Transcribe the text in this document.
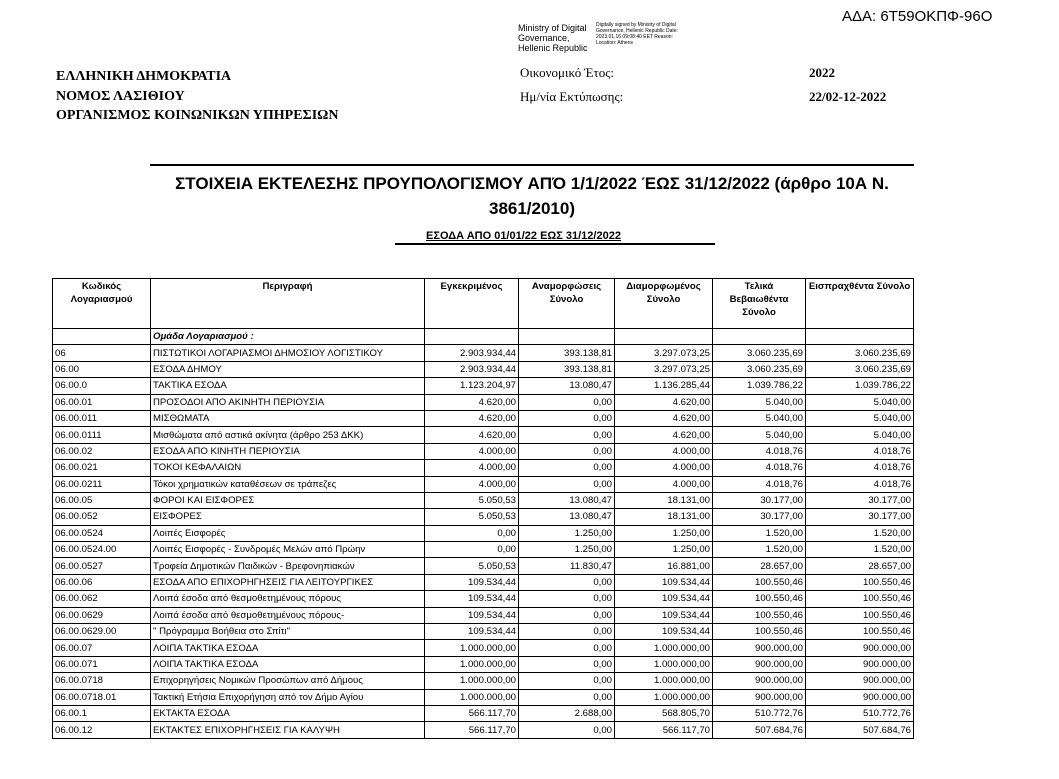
ΑΔΑ: 6Τ59ΟΚΠΦ-96Ο
Ministry of Digital Governance, Hellenic Republic
Digitally signed by Ministry of Digital Governance, Hellenic Republic Date: 2023.01.16 09:08:40 EET Reason: Location: Athens
ΕΛΛΗΝΙΚΗ ΔΗΜΟΚΡΑΤΙΑ
ΝΟΜΟΣ ΛΑΣΙΘΙΟΥ
ΟΡΓΑΝΙΣΜΟΣ ΚΟΙΝΩΝΙΚΩΝ ΥΠΗΡΕΣΙΩΝ
Οικονομικό Έτος:	2022
Ημ/νία Εκτύπωσης:	22/02-12-2022
ΣΤΟΙΧΕΙΑ ΕΚΤΕΛΕΣΗΣ ΠΡΟΥΠΟΛΟΓΙΣΜΟΥ ΑΠΌ 1/1/2022 ΈΩΣ 31/12/2022 (άρθρο 10Α Ν. 3861/2010)
ΕΣΟΔΑ ΑΠΟ 01/01/22 ΕΩΣ 31/12/2022
Κωδικός Λογαριασμού	Περιγραφή	Εγκεκριμένος	Αναμορφώσεις Σύνολο	Διαμορφωμένος Σύνολο	Τελικά Βεβαιωθέντα Σύνολο	Εισπραχθέντα Σύνολο
	Ομάδα Λογαριασμού :					
06	ΠΙΣΤΩΤΙΚΟΙ ΛΟΓΑΡΙΑΣΜΟΙ ΔΗΜΟΣΙΟΥ ΛΟΓΙΣΤΙΚΟΥ	2.903.934,44	393.138,81	3.297.073,25	3.060.235,69	3.060.235,69
06.00	ΕΣΟΔΑ ΔΗΜΟΥ	2.903.934,44	393.138,81	3.297.073,25	3.060.235,69	3.060.235,69
06.00.0	ΤΑΚΤΙΚΑ ΕΣΟΔΑ	1.123.204,97	13.080,47	1.136.285,44	1.039.786,22	1.039.786,22
06.00.01	ΠΡΟΣΟΔΟΙ ΑΠΟ ΑΚΙΝΗΤΗ ΠΕΡΙΟΥΣΙΑ	4.620,00	0,00	4.620,00	5.040,00	5.040,00
06.00.011	ΜΙΣΘΩΜΑΤΑ	4.620,00	0,00	4.620,00	5.040,00	5.040,00
06.00.0111	Μισθώματα από αστικά ακίνητα (άρθρο 253 ΔΚΚ)	4.620,00	0,00	4.620,00	5.040,00	5.040,00
06.00.02	ΕΣΟΔΑ ΑΠΟ ΚΙΝΗΤΗ ΠΕΡΙΟΥΣΙΑ	4.000,00	0,00	4.000,00	4.018,76	4.018,76
06.00.021	ΤΟΚΟΙ ΚΕΦΑΛΑΙΩΝ	4.000,00	0,00	4.000,00	4.018,76	4.018,76
06.00.0211	Τόκοι χρηματικών καταθέσεων σε τράπεζες	4.000,00	0,00	4.000,00	4.018,76	4.018,76
06.00.05	ΦΟΡΟΙ ΚΑΙ ΕΙΣΦΟΡΕΣ	5.050,53	13.080,47	18.131,00	30.177,00	30.177,00
06.00.052	ΕΙΣΦΟΡΕΣ	5.050,53	13.080,47	18.131,00	30.177,00	30.177,00
06.00.0524	Λοιπές Εισφορές	0,00	1.250,00	1.250,00	1.520,00	1.520,00
06.00.0524.00	Λοιπές Εισφορές - Συνδρομές Μελών από Πρώην	0,00	1.250,00	1.250,00	1.520,00	1.520,00
06.00.0527	Τροφεία Δημοτικών Παιδικών - Βρεφονηπιακών	5.050,53	11.830,47	16.881,00	28.657,00	28.657,00
06.00.06	ΕΣΟΔΑ ΑΠΟ ΕΠΙΧΟΡΗΓΗΣΕΙΣ ΓΙΑ ΛΕΙΤΟΥΡΓΙΚΕΣ	109.534,44	0,00	109.534,44	100.550,46	100.550,46
06.00.062	Λοιπά έσοδα από θεσμοθετημένους πόρους	109.534,44	0,00	109.534,44	100.550,46	100.550,46
06.00.0629	Λοιπά έσοδα από θεσμοθετημένους πόρους-	109.534,44	0,00	109.534,44	100.550,46	100.550,46
06.00.0629.00	" Πρόγραμμα Βοήθεια στο Σπίτι"	109.534,44	0,00	109.534,44	100.550,46	100.550,46
06.00.07	ΛΟΙΠΑ ΤΑΚΤΙΚΑ ΕΣΟΔΑ	1.000.000,00	0,00	1.000.000,00	900.000,00	900.000,00
06.00.071	ΛΟΙΠΑ ΤΑΚΤΙΚΑ ΕΣΟΔΑ	1.000.000,00	0,00	1.000.000,00	900.000,00	900.000,00
06.00.0718	Επιχορηγήσεις Νομικών Προσώπων από Δήμους	1.000.000,00	0,00	1.000.000,00	900.000,00	900.000,00
06.00.0718.01	Τακτική Ετήσια Επιχορήγηση από τον Δήμο Αγίου	1.000.000,00	0,00	1.000.000,00	900.000,00	900.000,00
06.00.1	ΕΚΤΑΚΤΑ ΕΣΟΔΑ	566.117,70	2.688,00	568.805,70	510.772,76	510.772,76
06.00.12	ΕΚΤΑΚΤΕΣ ΕΠΙΧΟΡΗΓΗΣΕΙΣ ΓΙΑ ΚΑΛΥΨΗ	566.117,70	0,00	566.117,70	507.684,76	507.684,76
